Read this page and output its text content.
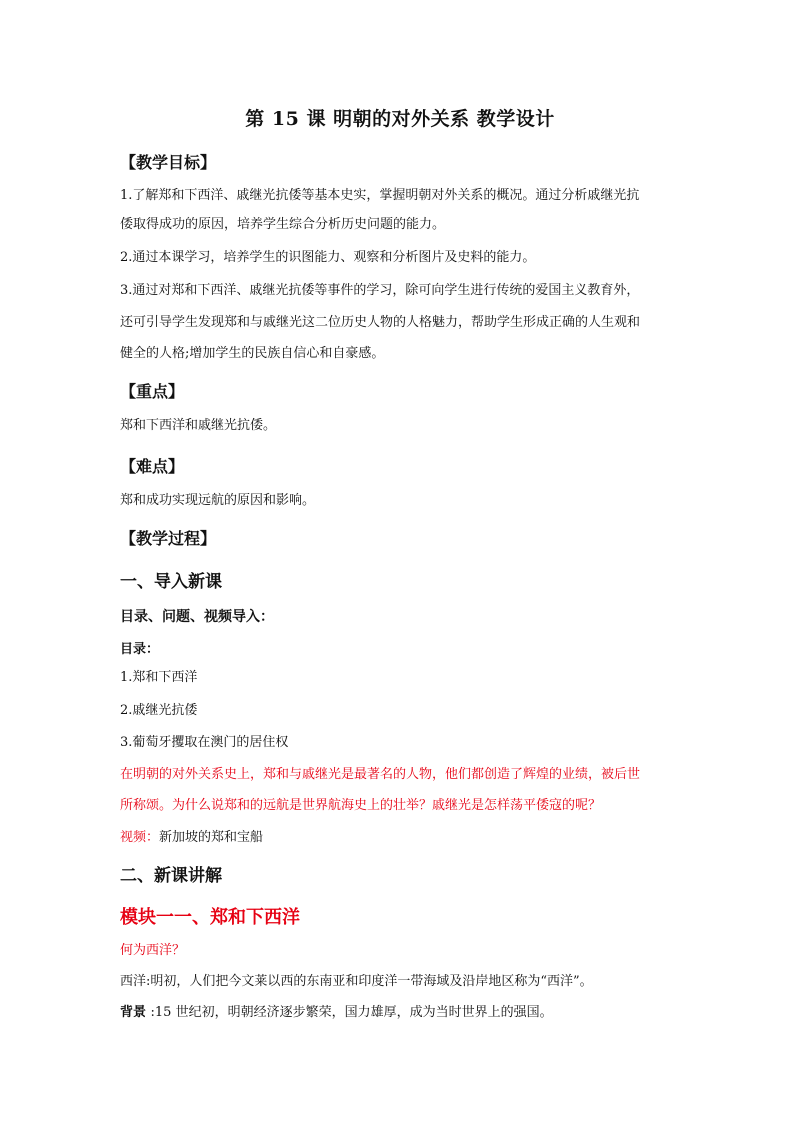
第 15 课 明朝的对外关系 教学设计
【教学目标】
1.了解郑和下西洋、戚继光抗倭等基本史实，掌握明朝对外关系的概况。通过分析戚继光抗
倭取得成功的原因，培养学生综合分析历史问题的能力。
2.通过本课学习，培养学生的识图能力、观察和分析图片及史料的能力。
3.通过对郑和下西洋、戚继光抗倭等事件的学习，除可向学生进行传统的爱国主义教育外，
还可引导学生发现郑和与戚继光这二位历史人物的人格魅力，帮助学生形成正确的人生观和
健全的人格;增加学生的民族自信心和自豪感。
【重点】
郑和下西洋和戚继光抗倭。
【难点】
郑和成功实现远航的原因和影响。
【教学过程】
一、导入新课
目录、问题、视频导入：
目录：
1.郑和下西洋
2.戚继光抗倭
3.葡萄牙攫取在澳门的居住权
在明朝的对外关系史上，郑和与戚继光是最著名的人物，他们都创造了辉煌的业绩，被后世
所称颂。为什么说郑和的远航是世界航海史上的壮举？戚继光是怎样荡平倭寇的呢？
视频：新加坡的郑和宝船
二、新课讲解
模块一一、郑和下西洋
何为西洋？
西洋:明初，人们把今文莱以西的东南亚和印度洋一带海域及沿岸地区称为“西洋”。
背景 :15 世纪初，明朝经济逐步繁荣，国力雄厚，成为当时世界上的强国。
